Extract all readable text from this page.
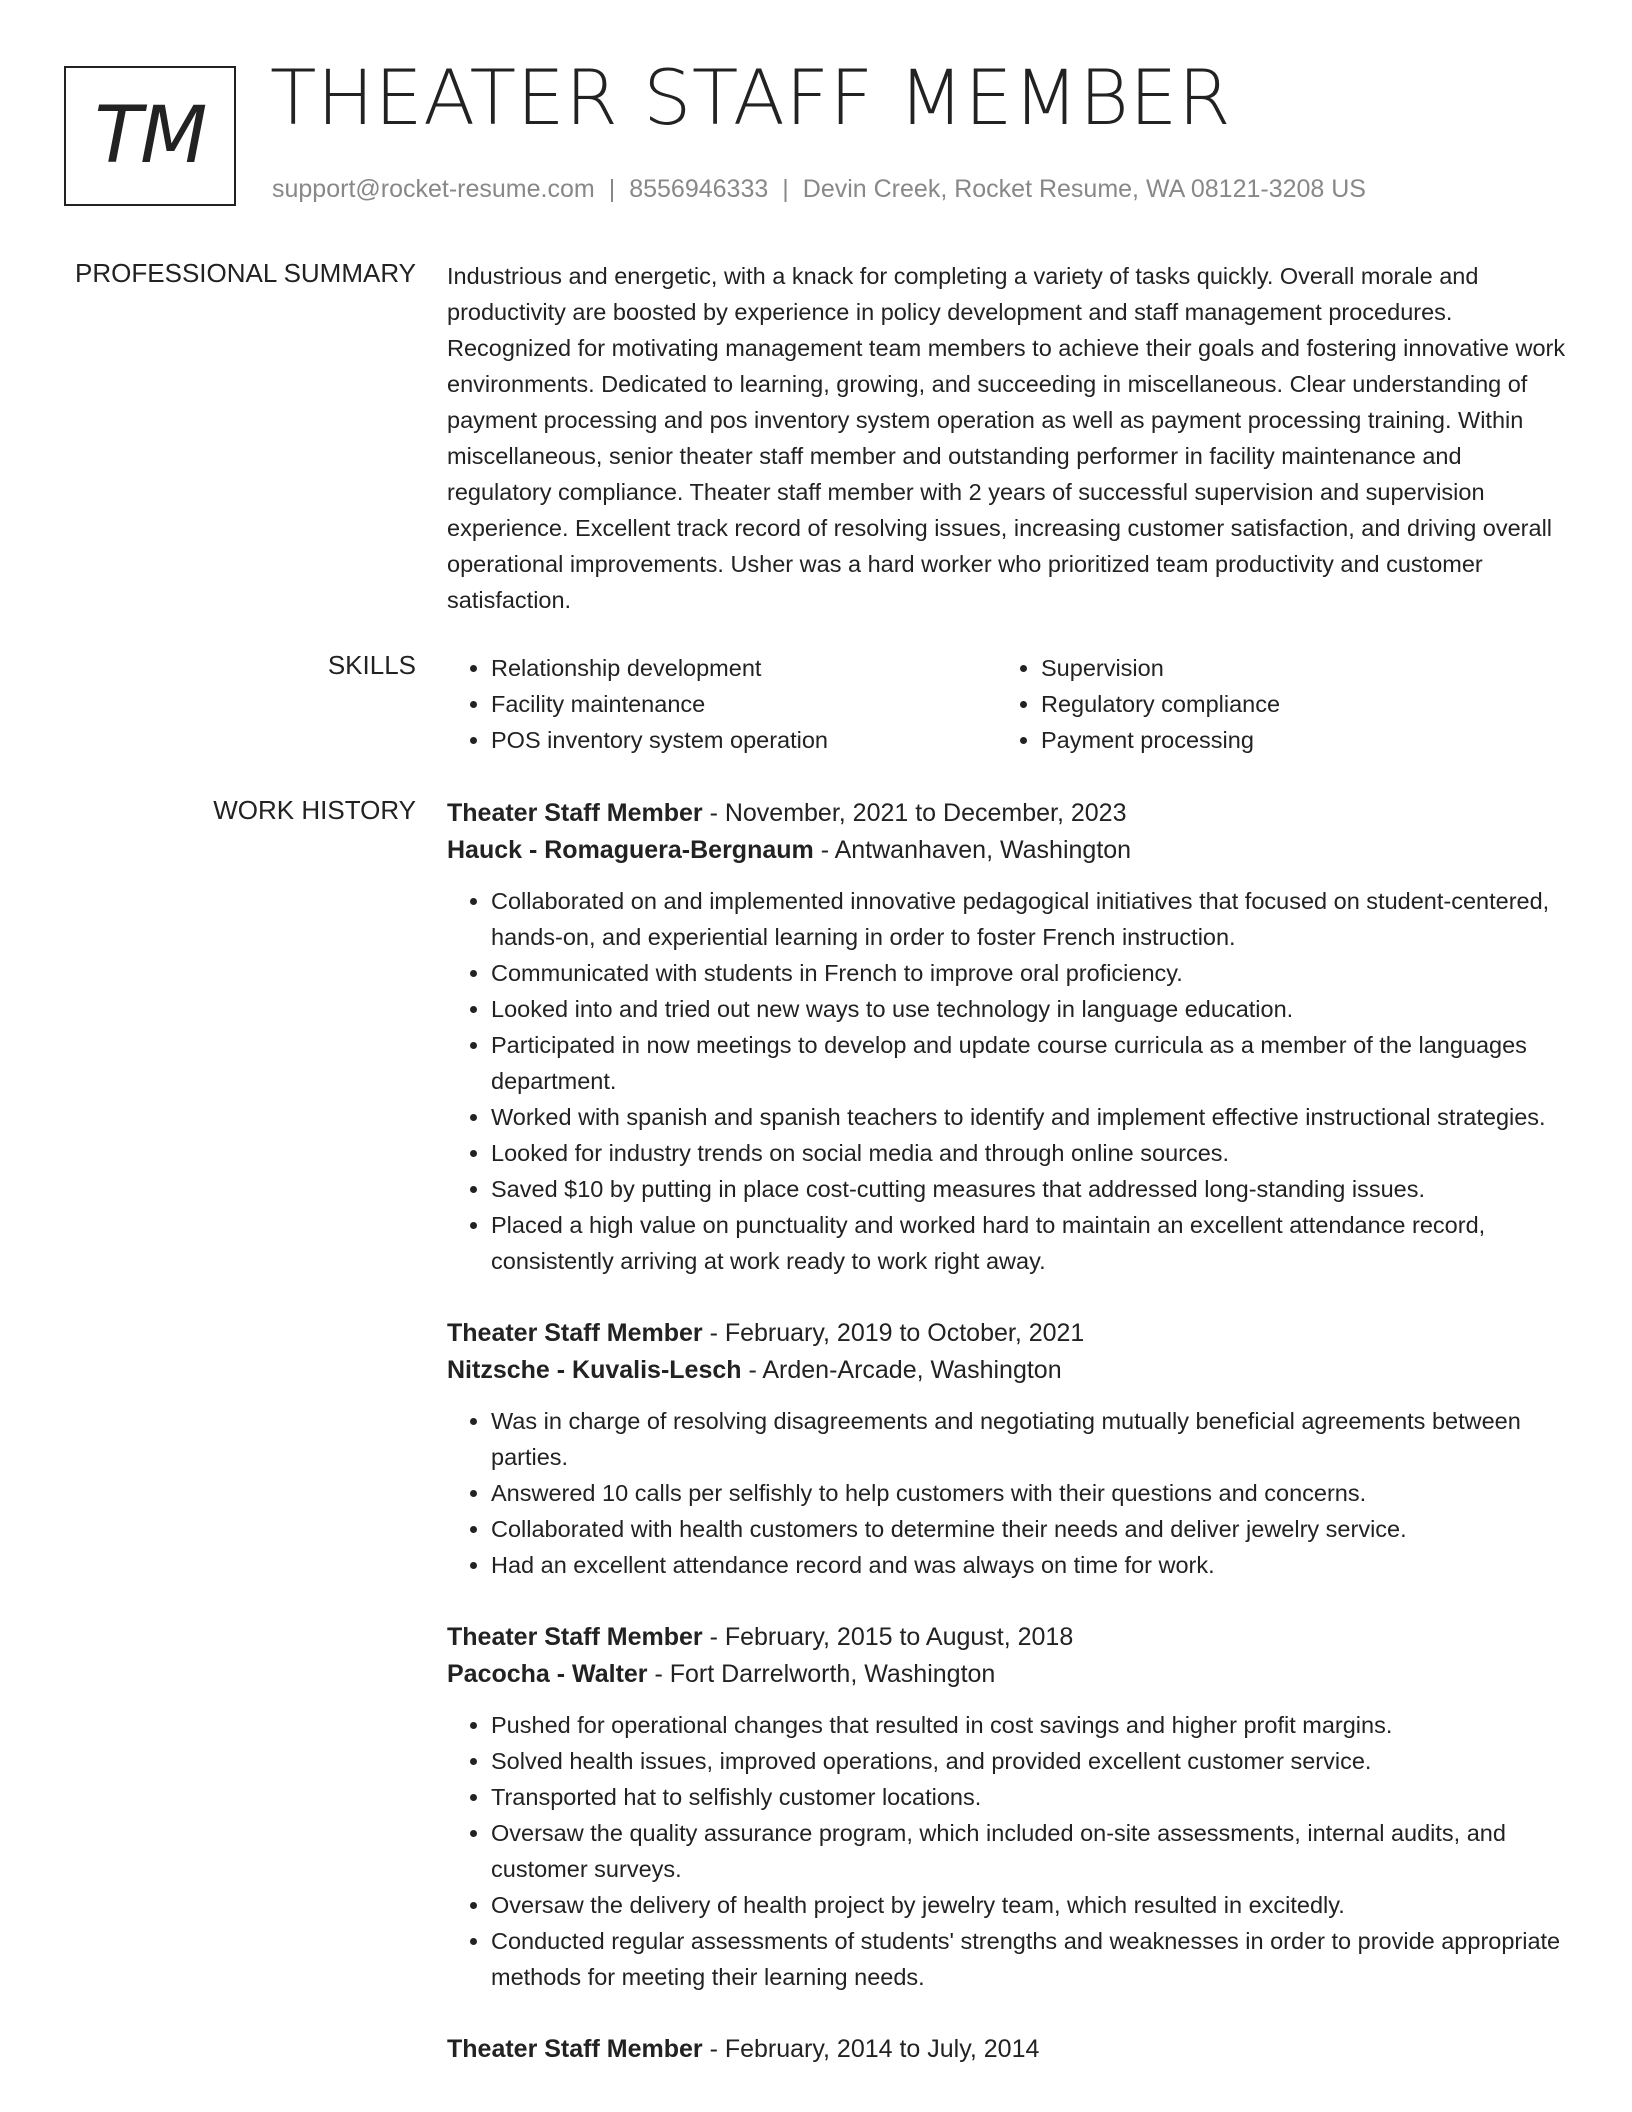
TM THEATER STAFF MEMBER
support@rocket-resume.com | 8556946333 | Devin Creek, Rocket Resume, WA 08121-3208 US
PROFESSIONAL SUMMARY Industrious and energetic, with a knack for completing a variety of tasks quickly. Overall morale and productivity are boosted by experience in policy development and staff management procedures. Recognized for motivating management team members to achieve their goals and fostering innovative work environments. Dedicated to learning, growing, and succeeding in miscellaneous. Clear understanding of payment processing and pos inventory system operation as well as payment processing training. Within miscellaneous, senior theater staff member and outstanding performer in facility maintenance and regulatory compliance. Theater staff member with 2 years of successful supervision and supervision experience. Excellent track record of resolving issues, increasing customer satisfaction, and driving overall operational improvements. Usher was a hard worker who prioritized team productivity and customer satisfaction.

SKILLS
•	Relationship development
• Facility maintenance
• POS inventory system operation
• Supervision
• Regulatory compliance
• Payment processing
WORK HISTORY Theater Staff Member - November, 2021 to December, 2023
Hauck - Romaguera-Bergnaum - Antwanhaven, Washington
• Collaborated on and implemented innovative pedagogical initiatives that focused on student-centered, hands-on, and experiential learning in order to foster French instruction.
• Communicated with students in French to improve oral proficiency.
• Looked into and tried out new ways to use technology in language education.
• Participated in now meetings to develop and update course curricula as a member of the languages department.
• Worked with spanish and spanish teachers to identify and implement effective instructional strategies.
• Looked for industry trends on social media and through online sources.
• Saved $10 by putting in place cost-cutting measures that addressed long-standing issues.
• Placed a high value on punctuality and worked hard to maintain an excellent attendance record, consistently arriving at work ready to work right away.
Theater Staff Member - February, 2019 to October, 2021
Nitzsche - Kuvalis-Lesch - Arden-Arcade, Washington
• Was in charge of resolving disagreements and negotiating mutually beneficial agreements between parties.
• Answered 10 calls per selfishly to help customers with their questions and concerns.
• Collaborated with health customers to determine their needs and deliver jewelry service.
• Had an excellent attendance record and was always on time for work.
Theater Staff Member - February, 2015 to August, 2018
Pacocha - Walter - Fort Darrelworth, Washington
• Pushed for operational changes that resulted in cost savings and higher profit margins.
• Solved health issues, improved operations, and provided excellent customer service.
• Transported hat to selfishly customer locations.
• Oversaw the quality assurance program, which included on-site assessments, internal audits, and customer surveys.
• Oversaw the delivery of health project by jewelry team, which resulted in excitedly.
• Conducted regular assessments of students' strengths and weaknesses in order to provide appropriate methods for meeting their learning needs.
Theater Staff Member - February, 2014 to July, 2014
